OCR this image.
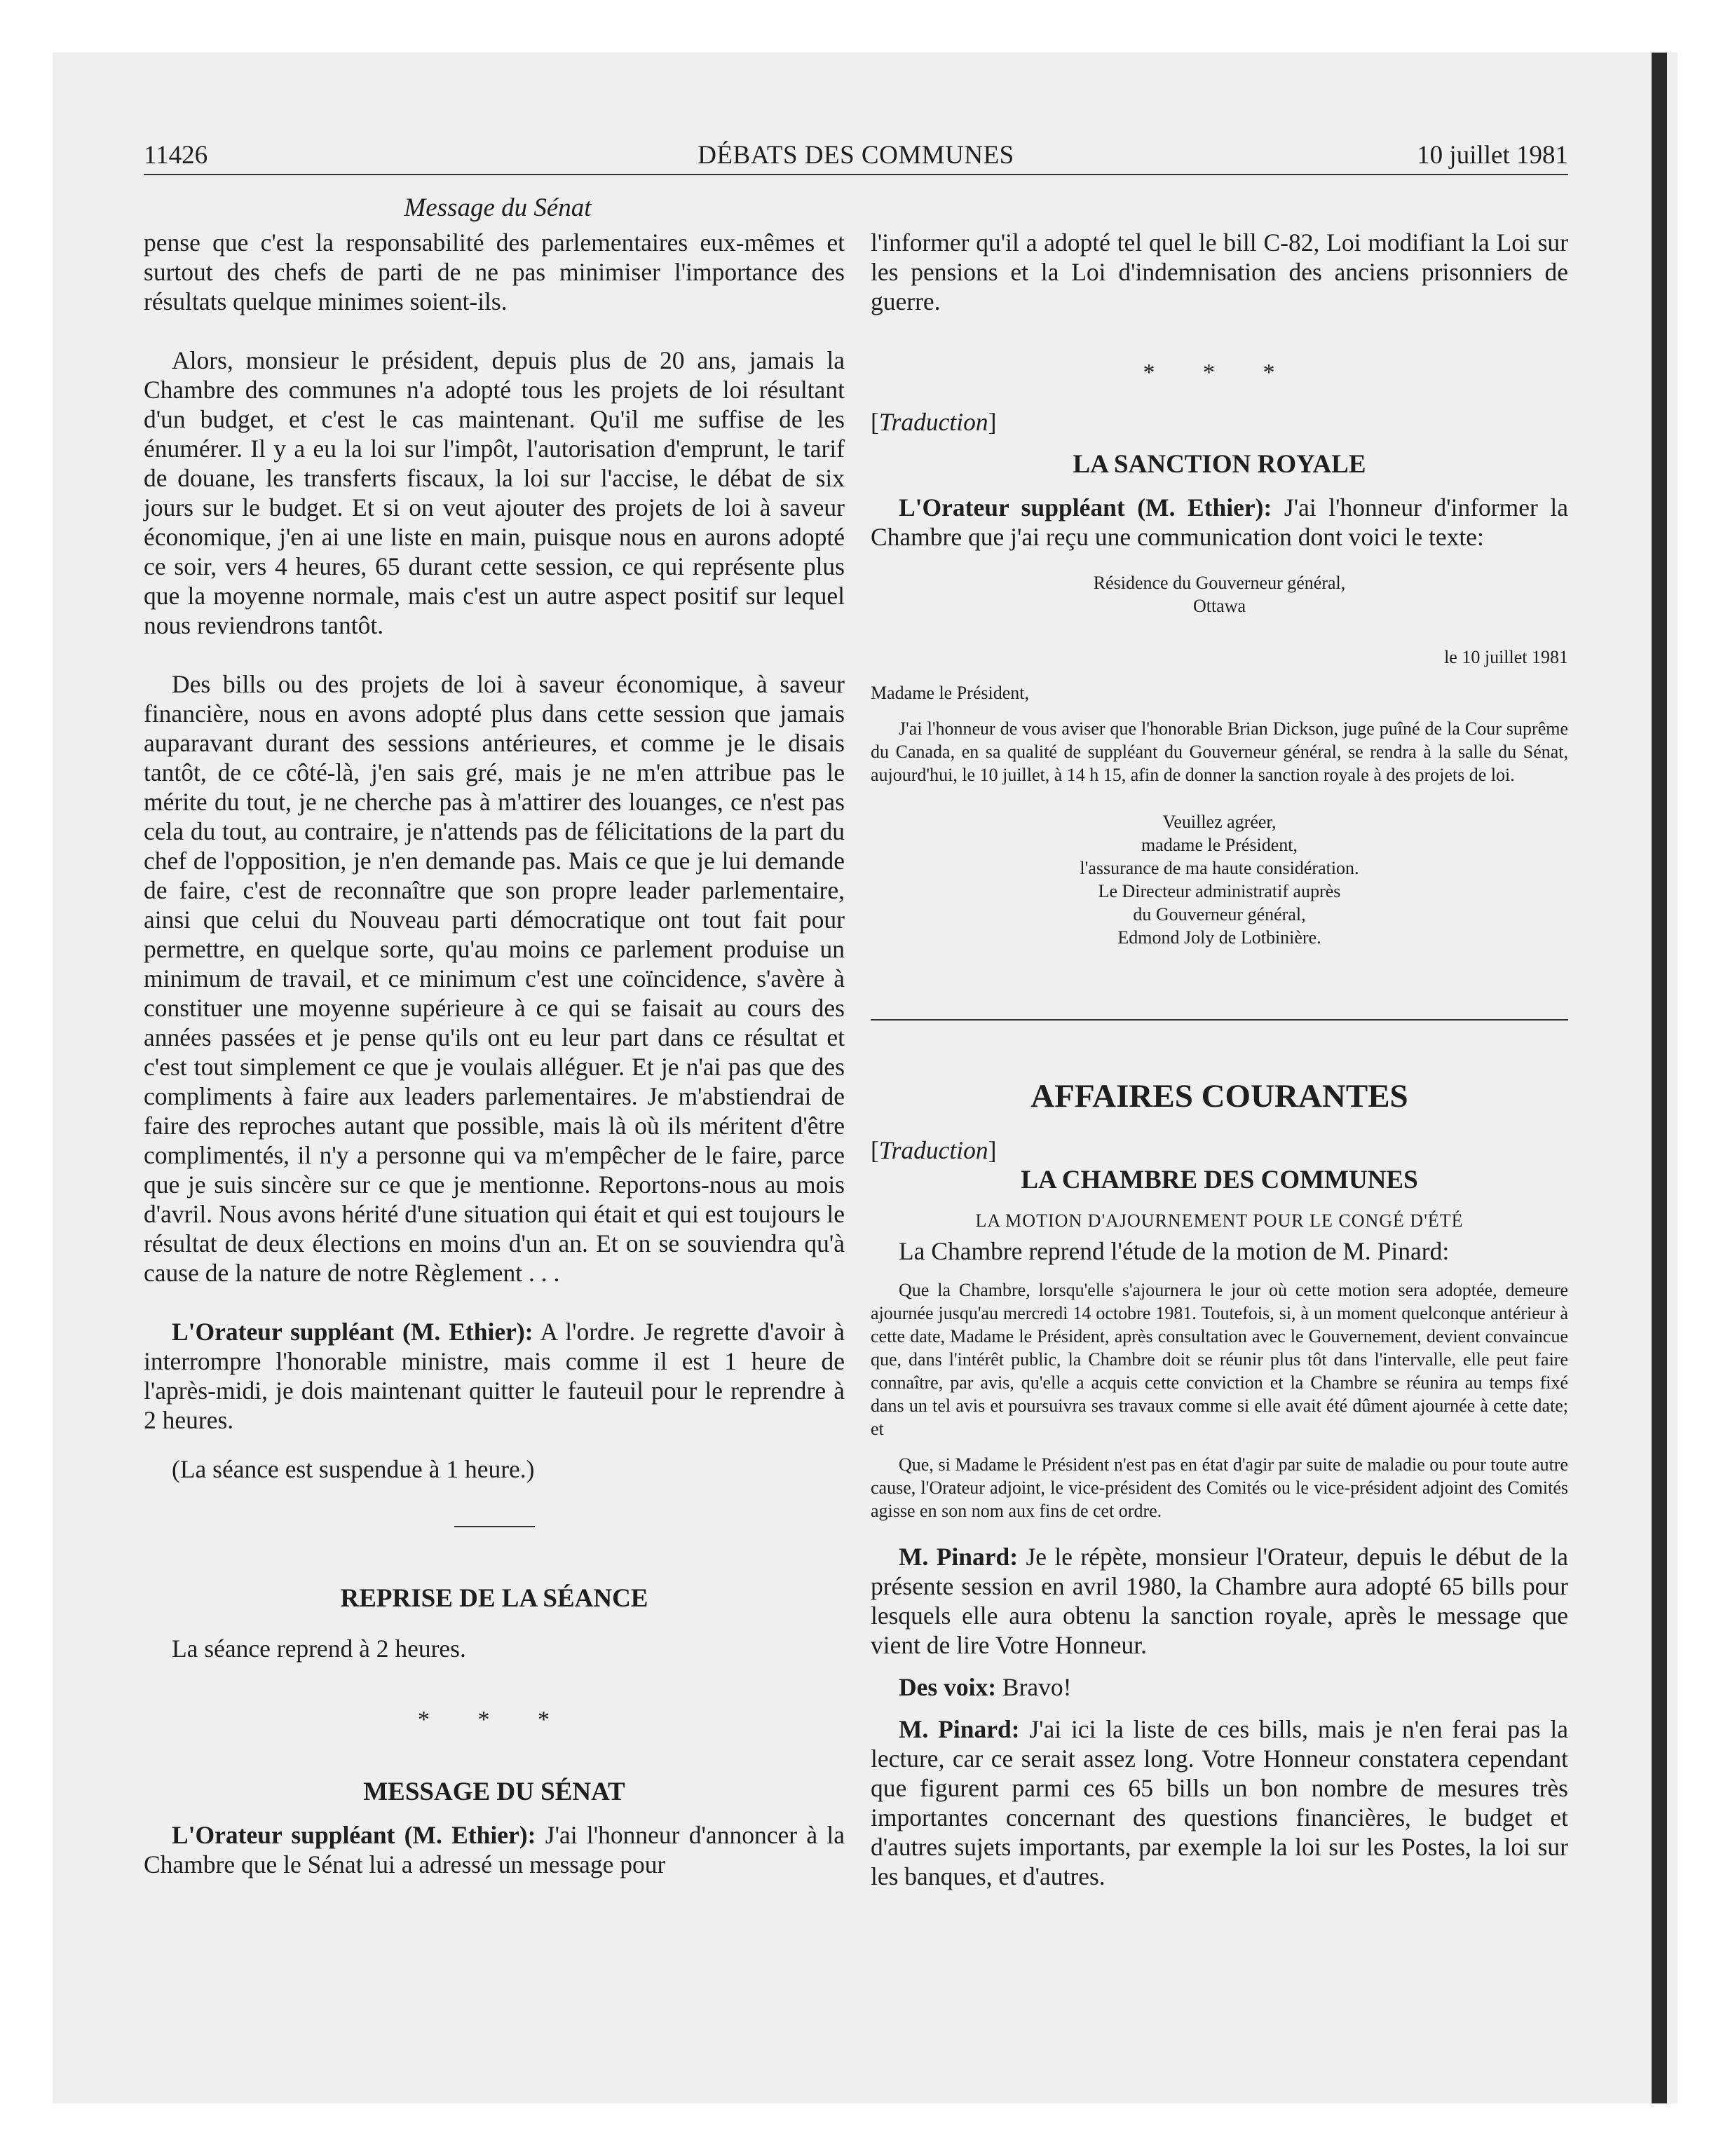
11426	DÉBATS DES COMMUNES	10 juillet 1981
Message du Sénat

pense que c'est la responsabilité des parlementaires eux-mêmes et surtout des chefs de parti de ne pas minimiser l'importance des résultats quelque minimes soient-ils.

Alors, monsieur le président, depuis plus de 20 ans, jamais la Chambre des communes n'a adopté tous les projets de loi résultant d'un budget, et c'est le cas maintenant. Qu'il me suffise de les énumérer. Il y a eu la loi sur l'impôt, l'autorisation d'emprunt, le tarif de douane, les transferts fiscaux, la loi sur l'accise, le débat de six jours sur le budget. Et si on veut ajouter des projets de loi à saveur économique, j'en ai une liste en main, puisque nous en aurons adopté ce soir, vers 4 heures, 65 durant cette session, ce qui représente plus que la moyenne normale, mais c'est un autre aspect positif sur lequel nous reviendrons tantôt.

Des bills ou des projets de loi à saveur économique, à saveur financière, nous en avons adopté plus dans cette session que jamais auparavant durant des sessions antérieures, et comme je le disais tantôt, de ce côté-là, j'en sais gré, mais je ne m'en attribue pas le mérite du tout, je ne cherche pas à m'attirer des louanges, ce n'est pas cela du tout, au contraire, je n'attends pas de félicitations de la part du chef de l'opposition, je n'en demande pas. Mais ce que je lui demande de faire, c'est de reconnaître que son propre leader parlementaire, ainsi que celui du Nouveau parti démocratique ont tout fait pour permettre, en quelque sorte, qu'au moins ce parlement produise un minimum de travail, et ce minimum c'est une coïncidence, s'avère à constituer une moyenne supérieure à ce qui se faisait au cours des années passées et je pense qu'ils ont eu leur part dans ce résultat et c'est tout simplement ce que je voulais alléguer. Et je n'ai pas que des compliments à faire aux leaders parlementaires. Je m'abstiendrai de faire des reproches autant que possible, mais là où ils méritent d'être complimentés, il n'y a personne qui va m'empêcher de le faire, parce que je suis sincère sur ce que je mentionne. Reportons-nous au mois d'avril. Nous avons hérité d'une situation qui était et qui est toujours le résultat de deux élections en moins d'un an. Et on se souviendra qu'à cause de la nature de notre Règlement . . .

L'Orateur suppléant (M. Ethier): A l'ordre. Je regrette d'avoir à interrompre l'honorable ministre, mais comme il est 1 heure de l'après-midi, je dois maintenant quitter le fauteuil pour le reprendre à 2 heures.

(La séance est suspendue à 1 heure.)

REPRISE DE LA SÉANCE

La séance reprend à 2 heures.

* * *

MESSAGE DU SÉNAT

L'Orateur suppléant (M. Ethier): J'ai l'honneur d'annoncer à la Chambre que le Sénat lui a adressé un message pour

l'informer qu'il a adopté tel quel le bill C-82, Loi modifiant la Loi sur les pensions et la Loi d'indemnisation des anciens prisonniers de guerre.

* * *

[Traduction]

LA SANCTION ROYALE

L'Orateur suppléant (M. Ethier): J'ai l'honneur d'informer la Chambre que j'ai reçu une communication dont voici le texte:

Résidence du Gouverneur général,

Ottawa

le 10 juillet 1981

Madame le Président,

J'ai l'honneur de vous aviser que l'honorable Brian Dickson, juge puîné de la Cour suprême du Canada, en sa qualité de suppléant du Gouverneur général, se rendra à la salle du Sénat, aujourd'hui, le 10 juillet, à 14 h 15, afin de donner la sanction royale à des projets de loi.

Veuillez agréer,

madame le Président,

l'assurance de ma haute considération.

Le Directeur administratif auprès

du Gouverneur général,

Edmond Joly de Lotbinière.

AFFAIRES COURANTES

[Traduction]

LA CHAMBRE DES COMMUNES

LA MOTION D'AJOURNEMENT POUR LE CONGÉ D'ÉTÉ

La Chambre reprend l'étude de la motion de M. Pinard:

Que la Chambre, lorsqu'elle s'ajournera le jour où cette motion sera adoptée, demeure ajournée jusqu'au mercredi 14 octobre 1981. Toutefois, si, à un moment quelconque antérieur à cette date, Madame le Président, après consultation avec le Gouvernement, devient convaincue que, dans l'intérêt public, la Chambre doit se réunir plus tôt dans l'intervalle, elle peut faire connaître, par avis, qu'elle a acquis cette conviction et la Chambre se réunira au temps fixé dans un tel avis et poursuivra ses travaux comme si elle avait été dûment ajournée à cette date; et

Que, si Madame le Président n'est pas en état d'agir par suite de maladie ou pour toute autre cause, l'Orateur adjoint, le vice-président des Comités ou le vice-président adjoint des Comités agisse en son nom aux fins de cet ordre.

M. Pinard: Je le répète, monsieur l'Orateur, depuis le début de la présente session en avril 1980, la Chambre aura adopté 65 bills pour lesquels elle aura obtenu la sanction royale, après le message que vient de lire Votre Honneur.

Des voix: Bravo!

M. Pinard: J'ai ici la liste de ces bills, mais je n'en ferai pas la lecture, car ce serait assez long. Votre Honneur constatera cependant que figurent parmi ces 65 bills un bon nombre de mesures très importantes concernant des questions financières, le budget et d'autres sujets importants, par exemple la loi sur les Postes, la loi sur les banques, et d'autres.
